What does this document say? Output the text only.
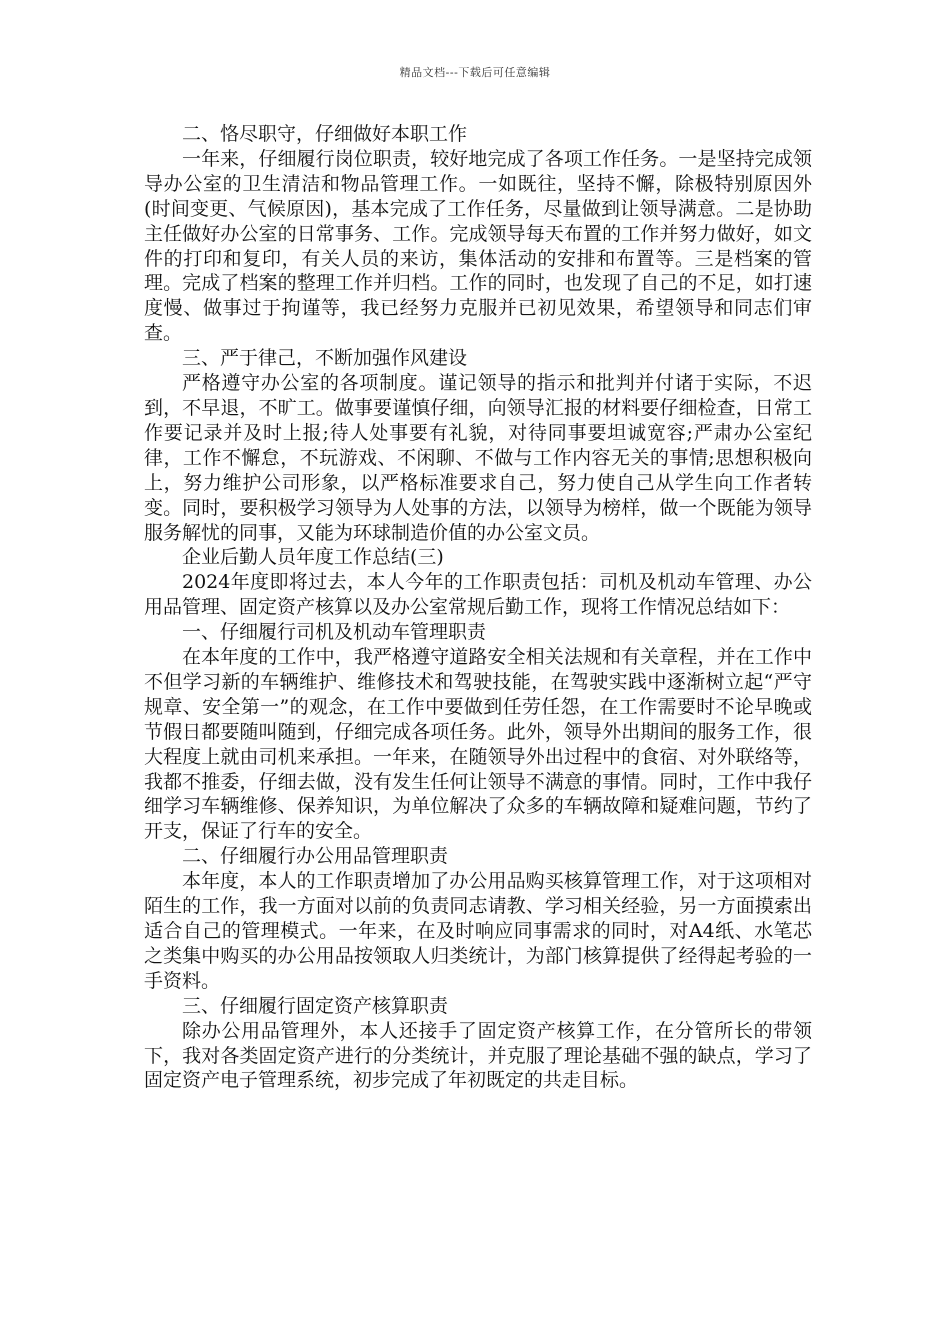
精品文档---下载后可任意编辑

二、恪尽职守，仔细做好本职工作

一年来，仔细履行岗位职责，较好地完成了各项工作任务。一是坚持完成领导办公室的卫生清洁和物品管理工作。一如既往，坚持不懈，除极特别原因外(时间变更、气候原因)，基本完成了工作任务，尽量做到让领导满意。二是协助主任做好办公室的日常事务、工作。完成领导每天布置的工作并努力做好，如文件的打印和复印，有关人员的来访，集体活动的安排和布置等。三是档案的管理。完成了档案的整理工作并归档。工作的同时，也发现了自己的不足，如打速度慢、做事过于拘谨等，我已经努力克服并已初见效果，希望领导和同志们审查。

三、严于律己，不断加强作风建设

严格遵守办公室的各项制度。谨记领导的指示和批判并付诸于实际，不迟到，不早退，不旷工。做事要谨慎仔细，向领导汇报的材料要仔细检查，日常工作要记录并及时上报;待人处事要有礼貌，对待同事要坦诚宽容;严肃办公室纪律，工作不懈怠，不玩游戏、不闲聊、不做与工作内容无关的事情;思想积极向上，努力维护公司形象，以严格标准要求自己，努力使自己从学生向工作者转变。同时，要积极学习领导为人处事的方法，以领导为榜样，做一个既能为领导服务解忧的同事，又能为环球制造价值的办公室文员。

企业后勤人员年度工作总结(三)

2024年度即将过去，本人今年的工作职责包括：司机及机动车管理、办公用品管理、固定资产核算以及办公室常规后勤工作，现将工作情况总结如下：

一、仔细履行司机及机动车管理职责

在本年度的工作中，我严格遵守道路安全相关法规和有关章程，并在工作中不但学习新的车辆维护、维修技术和驾驶技能，在驾驶实践中逐渐树立起“严守规章、安全第一”的观念，在工作中要做到任劳任怨，在工作需要时不论早晚或节假日都要随叫随到，仔细完成各项任务。此外，领导外出期间的服务工作，很大程度上就由司机来承担。一年来，在随领导外出过程中的食宿、对外联络等，我都不推委，仔细去做，没有发生任何让领导不满意的事情。同时，工作中我仔细学习车辆维修、保养知识，为单位解决了众多的车辆故障和疑难问题，节约了开支，保证了行车的安全。

二、仔细履行办公用品管理职责

本年度，本人的工作职责增加了办公用品购买核算管理工作，对于这项相对陌生的工作，我一方面对以前的负责同志请教、学习相关经验，另一方面摸索出适合自己的管理模式。一年来，在及时响应同事需求的同时，对A4纸、水笔芯之类集中购买的办公用品按领取人归类统计，为部门核算提供了经得起考验的一手资料。

三、仔细履行固定资产核算职责

除办公用品管理外，本人还接手了固定资产核算工作，在分管所长的带领下，我对各类固定资产进行的分类统计，并克服了理论基础不强的缺点，学习了固定资产电子管理系统，初步完成了年初既定的共走目标。
